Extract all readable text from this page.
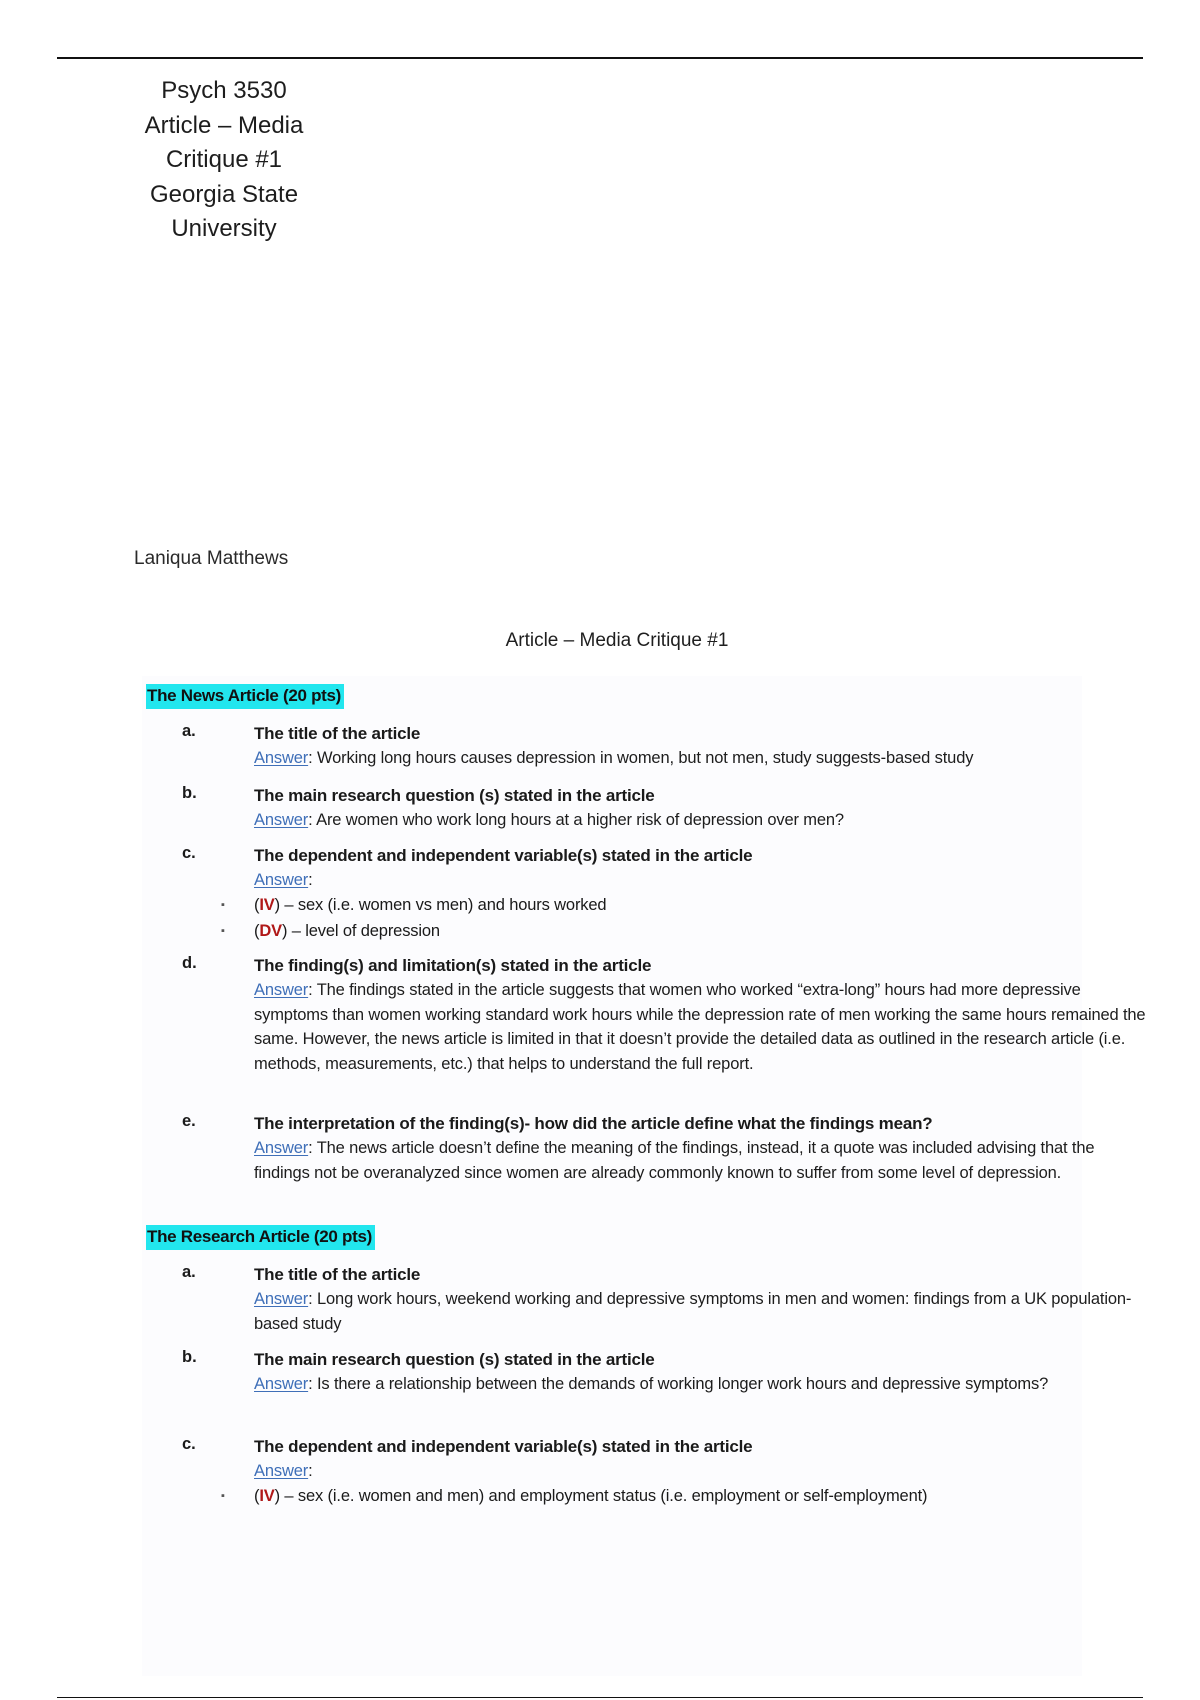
Psych 3530
Article – Media
Critique #1
Georgia State
University
Laniqua Matthews
Article – Media Critique #1
The News Article (20 pts)
a.	The title of the article
Answer: Working long hours causes depression in women, but not men, study suggests-based study
b.	The main research question (s) stated in the article
Answer: Are women who work long hours at a higher risk of depression over men?
c.	The dependent and independent variable(s) stated in the article
Answer:
▪ (IV) – sex (i.e. women vs men) and hours worked
▪ (DV) – level of depression
d.	The finding(s) and limitation(s) stated in the article
Answer: The findings stated in the article suggests that women who worked “extra-long” hours had more depressive symptoms than women working standard work hours while the depression rate of men working the same hours remained the same. However, the news article is limited in that it doesn’t provide the detailed data as outlined in the research article (i.e. methods, measurements, etc.) that helps to understand the full report.
e.	The interpretation of the finding(s)- how did the article define what the findings mean?
Answer: The news article doesn’t define the meaning of the findings, instead, it a quote was included advising that the findings not be overanalyzed since women are already commonly known to suffer from some level of depression.
The Research Article (20 pts)
a.	The title of the article
Answer: Long work hours, weekend working and depressive symptoms in men and women: findings from a UK population-based study
b.	The main research question (s) stated in the article
Answer: Is there a relationship between the demands of working longer work hours and depressive symptoms?
c.	The dependent and independent variable(s) stated in the article
Answer:
▪ (IV) – sex (i.e. women and men) and employment status (i.e. employment or self-employment)
